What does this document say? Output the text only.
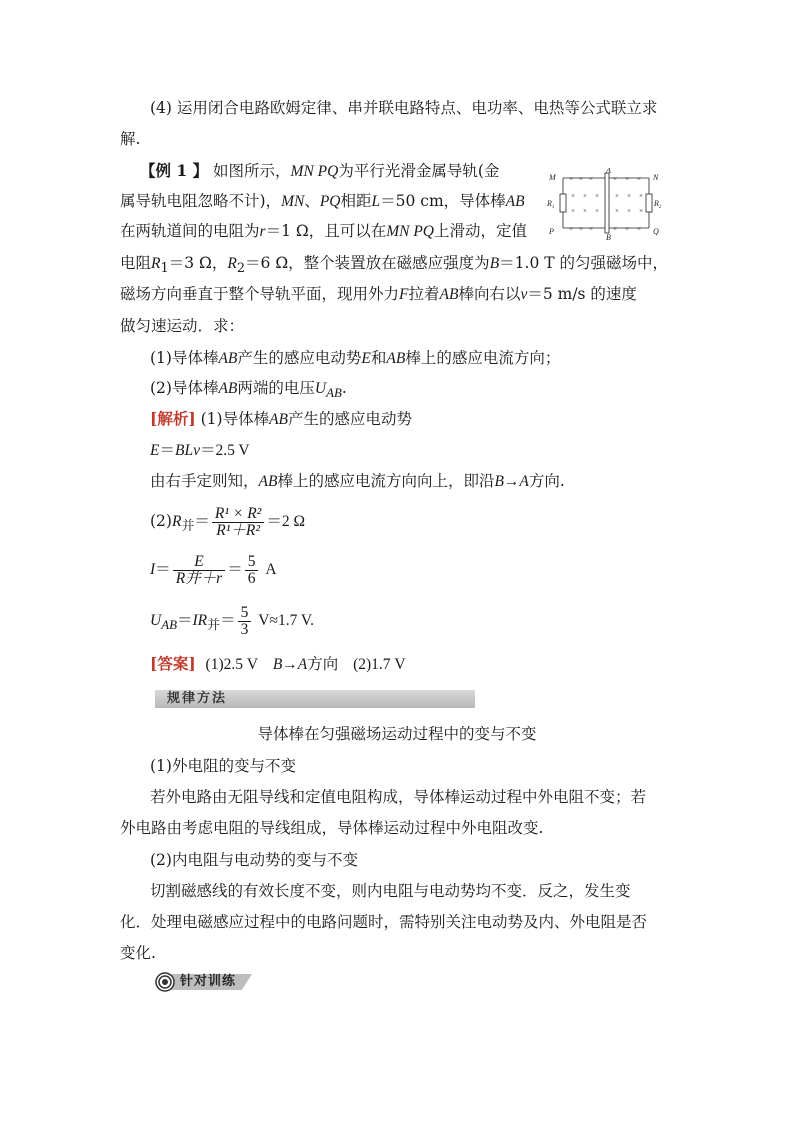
(4) 运用闭合电路欧姆定律、串并联电路特点、电功率、电热等公式联立求
解.
【例 1 】 如图所示，MN PQ为平行光滑金属导轨(金
属导轨电阻忽略不计)，MN、PQ相距L＝50 cm，导体棒AB
在两轨道间的电阻为r＝1 Ω，且可以在MN PQ上滑动，定值
电阻$R_1=3$ Ω，$R_2=6$ Ω，整个装置放在磁感应强度为B＝1.0 T 的匀强磁场中，
磁场方向垂直于整个导轨平面，现用外力F拉着AB棒向右以v＝5 m/s 的速度
做匀速运动．求：
(1)导体棒AB产生的感应电动势E和AB棒上的感应电流方向；
(2)导体棒AB两端的电压$U_{AB}$.
M	N
P	Q
A
B
$R_1$	$R_2$
× × ×	× × ×
× × × × × ×
× × × × × ×
× × ×	× × ×
[解析] (1)导体棒AB产生的感应电动势
E＝BLv＝2.5 V
由右手定则知，AB棒上的感应电流方向向上，即沿B→A方向.
$(2)R_并= \frac{\text{R¹ × R²}}{\text{R¹＋R²}} =2$ Ω
$I= \frac{E}{\text{R并＋r}} = \frac{5}{6}$ A
$U_{AB}=IR_并= \frac{5}{3} V\approx 1.7$ V.
[答案] (1)2.5 V B→A方向 (2)1.7 V
规律方法
导体棒在匀强磁场运动过程中的变与不变
(1)外电阻的变与不变
若外电路由无阻导线和定值电阻构成，导体棒运动过程中外电阻不变；若
外电路由考虑电阻的导线组成，导体棒运动过程中外电阻改变.
(2)内电阻与电动势的变与不变
切割磁感线的有效长度不变，则内电阻与电动势均不变．反之，发生变
化．处理电磁感应过程中的电路问题时，需特别关注电动势及内、外电阻是否
变化.
针对训练
